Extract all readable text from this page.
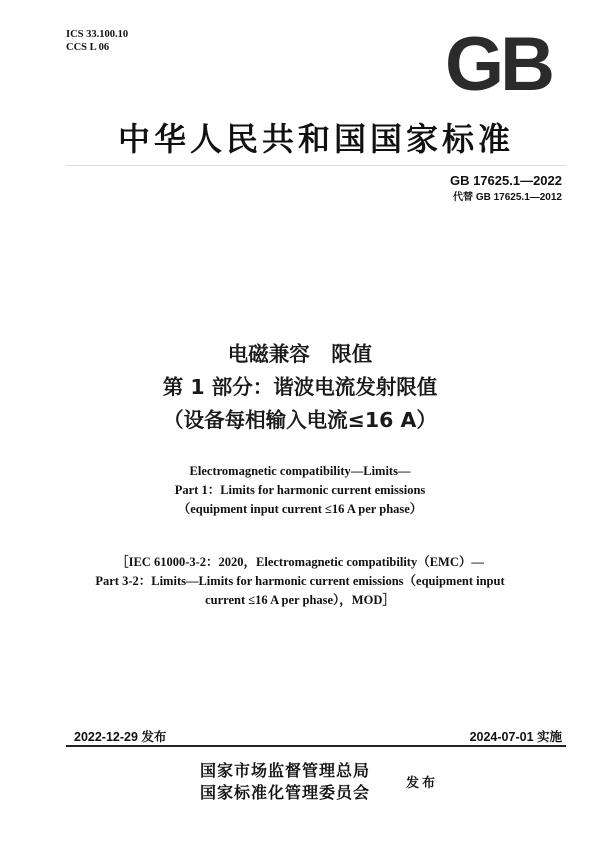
ICS 33.100.10
CCS L 06	GB
中华人民共和国国家标准
GB 17625.1—2022
代替 GB 17625.1—2012
电磁兼容   限值
第 1 部分：谐波电流发射限值
（设备每相输入电流≤16 A）
Electromagnetic compatibility—Limits—
Part 1：Limits for harmonic current emissions
（equipment input current ≤16 A per phase）
［IEC 61000-3-2：2020，Electromagnetic compatibility（EMC）—
Part 3-2：Limits—Limits for harmonic current emissions（equipment input
current ≤16 A per phase），MOD］
2022-12-29 发布	2024-07-01 实施
国家市场监督管理总局
国家标准化管理委员会	发布
